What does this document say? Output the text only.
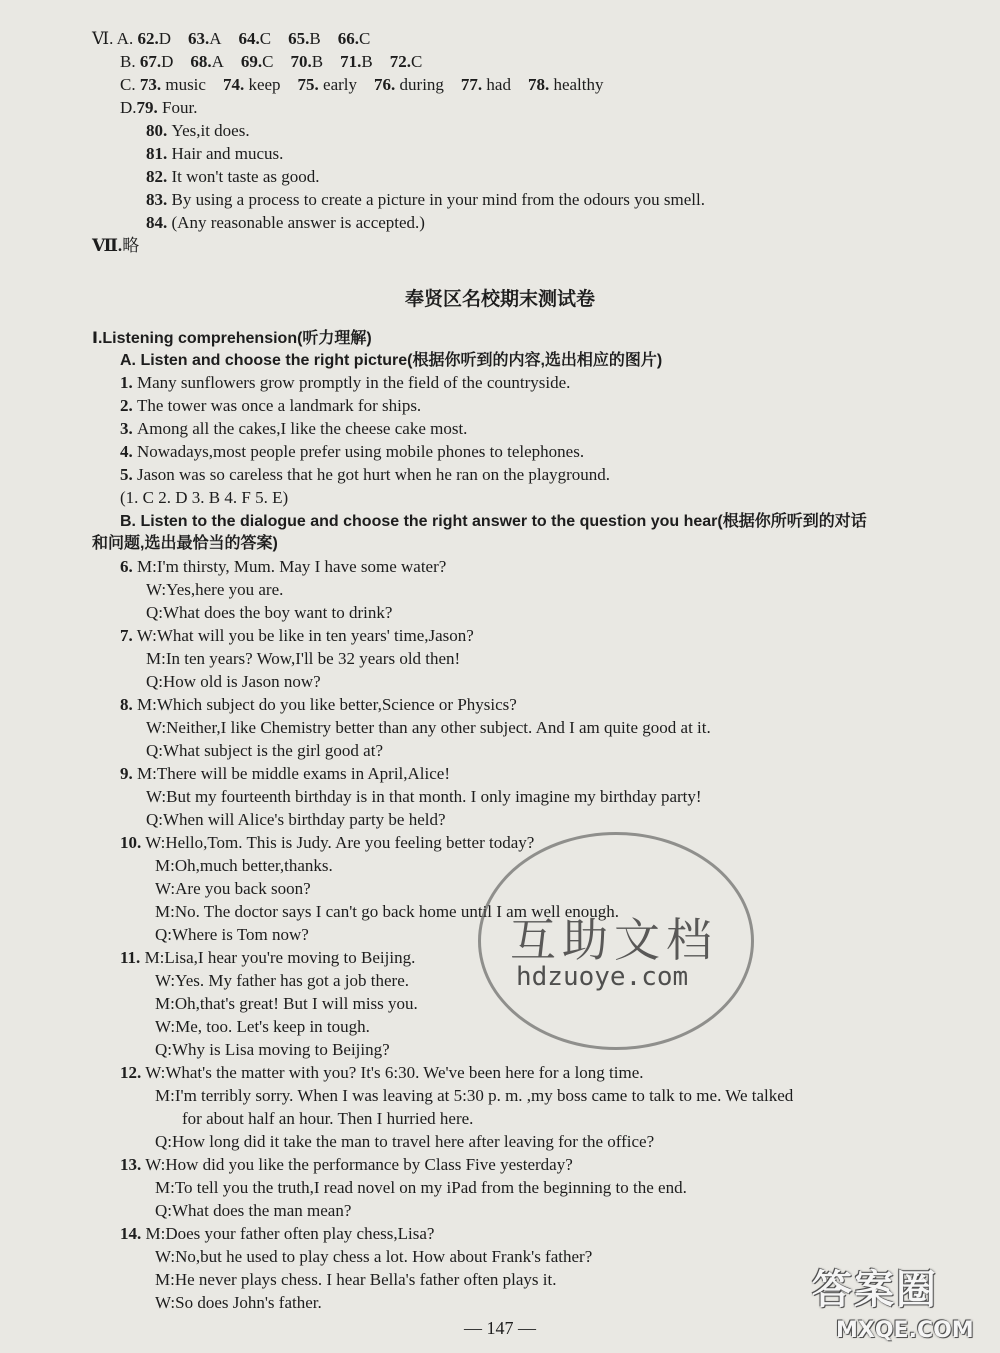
Ⅵ. A. 62.D 63.A 64.C 65.B 66.C
B. 67.D 68.A 69.C 70.B 71.B 72.C
C. 73. music 74. keep 75. early 76. during 77. had 78. healthy
D.79. Four.
80. Yes,it does.
81. Hair and mucus.
82. It won't taste as good.
83. By using a process to create a picture in your mind from the odours you smell.
84. (Any reasonable answer is accepted.)
Ⅶ.略
奉贤区名校期末测试卷
Ⅰ.Listening comprehension(听力理解)
A. Listen and choose the right picture(根据你听到的内容,选出相应的图片)
1. Many sunflowers grow promptly in the field of the countryside.
2. The tower was once a landmark for ships.
3. Among all the cakes,I like the cheese cake most.
4. Nowadays,most people prefer using mobile phones to telephones.
5. Jason was so careless that he got hurt when he ran on the playground.
(1. C 2. D 3. B 4. F 5. E)
B. Listen to the dialogue and choose the right answer to the question you hear(根据你所听到的对话
和问题,选出最恰当的答案)
6. M:I'm thirsty, Mum. May I have some water?
W:Yes,here you are.
Q:What does the boy want to drink?
7. W:What will you be like in ten years' time,Jason?
M:In ten years? Wow,I'll be 32 years old then!
Q:How old is Jason now?
8. M:Which subject do you like better,Science or Physics?
W:Neither,I like Chemistry better than any other subject. And I am quite good at it.
Q:What subject is the girl good at?
9. M:There will be middle exams in April,Alice!
W:But my fourteenth birthday is in that month. I only imagine my birthday party!
Q:When will Alice's birthday party be held?
10. W:Hello,Tom. This is Judy. Are you feeling better today?
M:Oh,much better,thanks.
W:Are you back soon?
M:No. The doctor says I can't go back home until I am well enough.
Q:Where is Tom now?
11. M:Lisa,I hear you're moving to Beijing.
W:Yes. My father has got a job there.
M:Oh,that's great! But I will miss you.
W:Me, too. Let's keep in tough.
Q:Why is Lisa moving to Beijing?
12. W:What's the matter with you? It's 6:30. We've been here for a long time.
M:I'm terribly sorry. When I was leaving at 5:30 p. m. ,my boss came to talk to me. We talked
for about half an hour. Then I hurried here.
Q:How long did it take the man to travel here after leaving for the office?
13. W:How did you like the performance by Class Five yesterday?
M:To tell you the truth,I read novel on my iPad from the beginning to the end.
Q:What does the man mean?
14. M:Does your father often play chess,Lisa?
W:No,but he used to play chess a lot. How about Frank's father?
M:He never plays chess. I hear Bella's father often plays it.
W:So does John's father.
互助文档
hdzuoye.com
— 147 —
答案圈
MXQE.COM
